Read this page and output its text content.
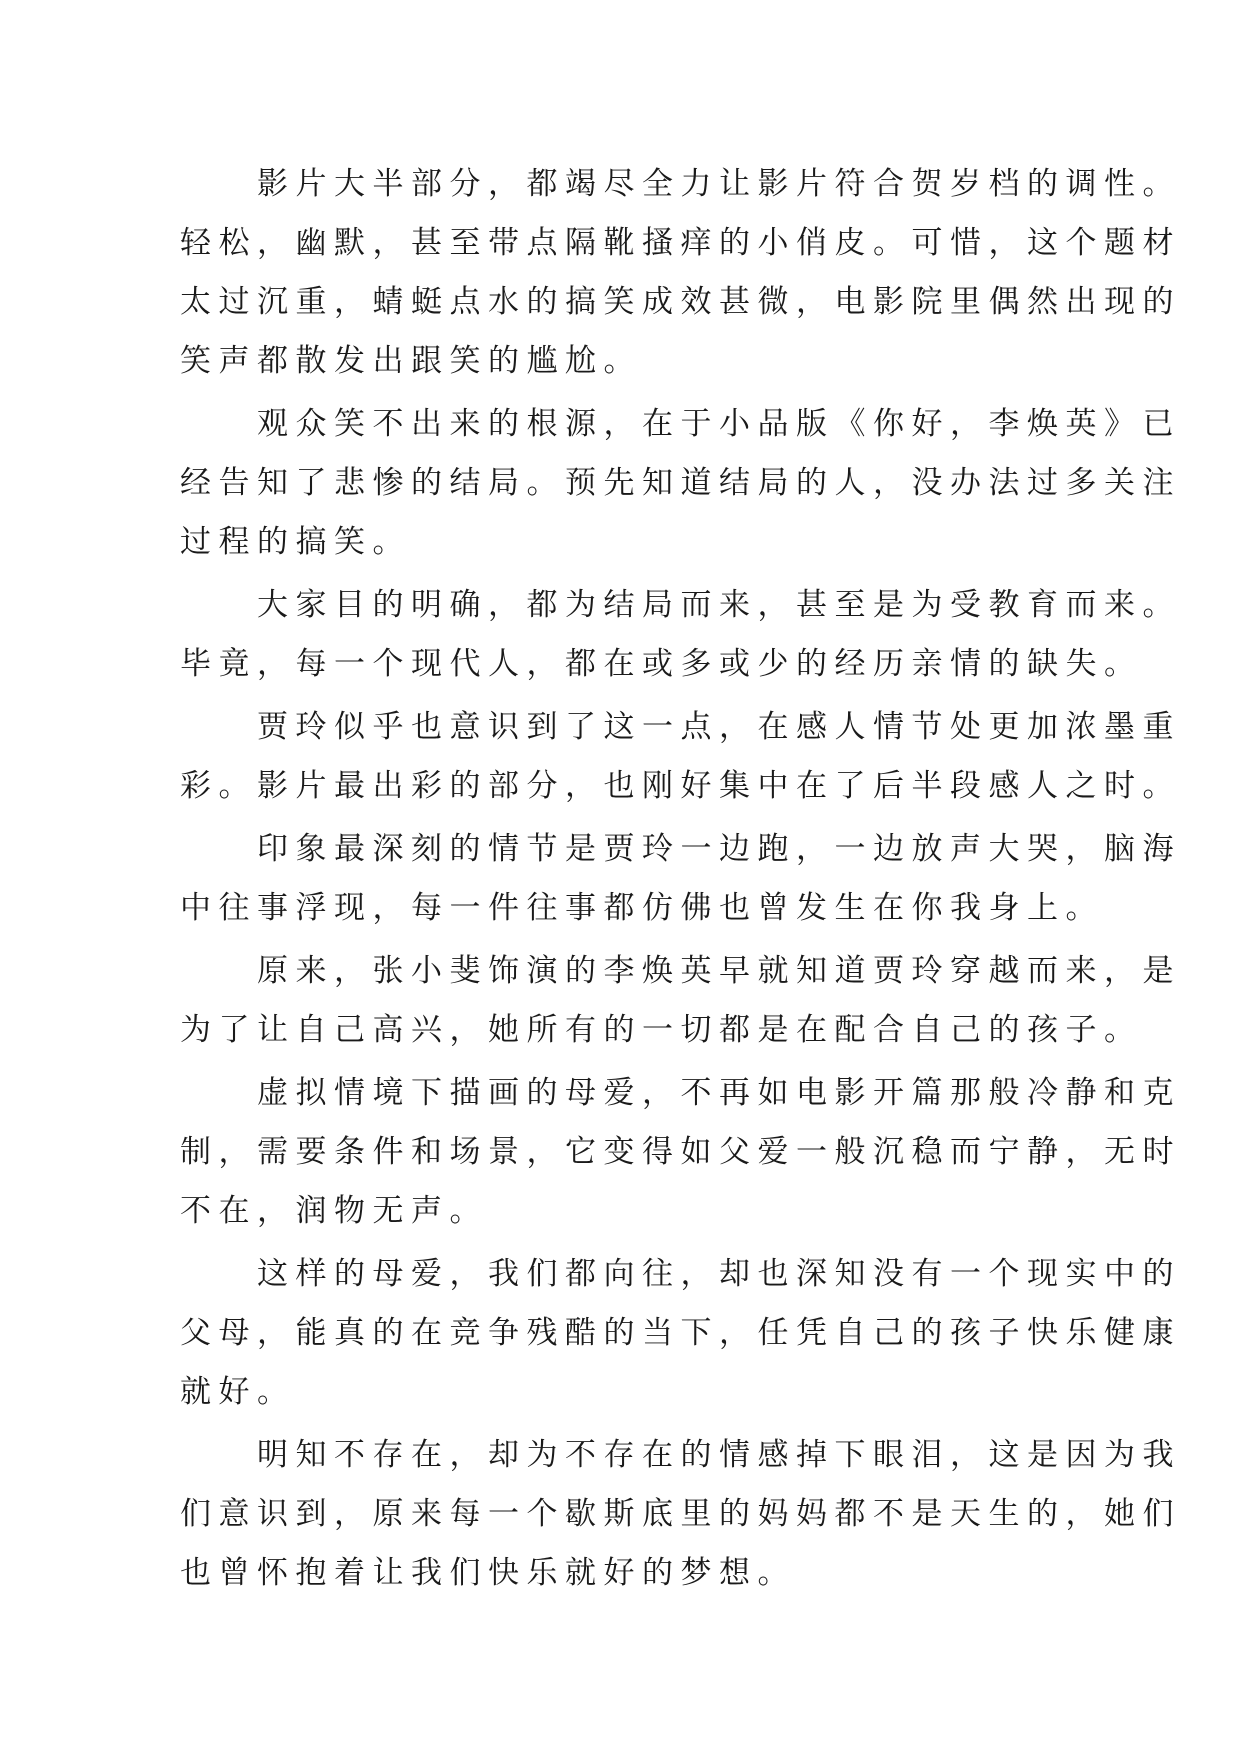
　　影片大半部分，都竭尽全力让影片符合贺岁档的调性。
轻松，幽默，甚至带点隔靴搔痒的小俏皮。可惜，这个题材
太过沉重，蜻蜓点水的搞笑成效甚微，电影院里偶然出现的
笑声都散发出跟笑的尴尬。
　　观众笑不出来的根源，在于小品版《你好，李焕英》已
经告知了悲惨的结局。预先知道结局的人，没办法过多关注
过程的搞笑。
　　大家目的明确，都为结局而来，甚至是为受教育而来。
毕竟，每一个现代人，都在或多或少的经历亲情的缺失。
　　贾玲似乎也意识到了这一点，在感人情节处更加浓墨重
彩。影片最出彩的部分，也刚好集中在了后半段感人之时。
　　印象最深刻的情节是贾玲一边跑，一边放声大哭，脑海
中往事浮现，每一件往事都仿佛也曾发生在你我身上。
　　原来，张小斐饰演的李焕英早就知道贾玲穿越而来，是
为了让自己高兴，她所有的一切都是在配合自己的孩子。
　　虚拟情境下描画的母爱，不再如电影开篇那般冷静和克
制，需要条件和场景，它变得如父爱一般沉稳而宁静，无时
不在，润物无声。
　　这样的母爱，我们都向往，却也深知没有一个现实中的
父母，能真的在竞争残酷的当下，任凭自己的孩子快乐健康
就好。
　　明知不存在，却为不存在的情感掉下眼泪，这是因为我
们意识到，原来每一个歇斯底里的妈妈都不是天生的，她们
也曾怀抱着让我们快乐就好的梦想。
